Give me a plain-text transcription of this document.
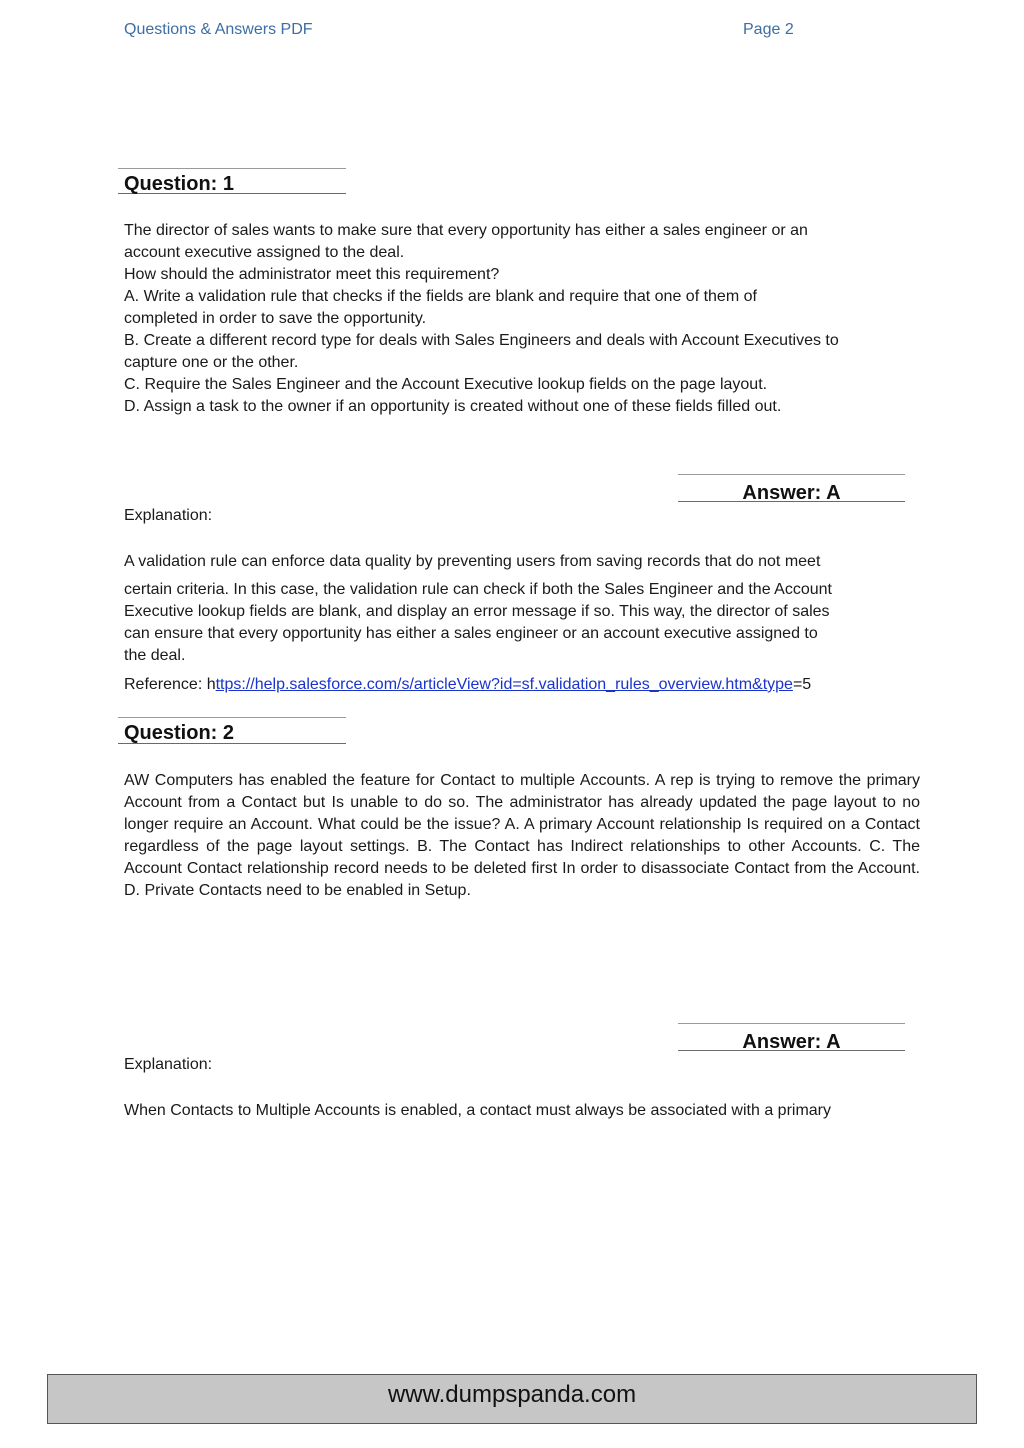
Questions & Answers PDF	Page 2
Question: 1
The director of sales wants to make sure that every opportunity has either a sales engineer or an
account executive assigned to the deal.
How should the administrator meet this requirement?
A. Write a validation rule that checks if the fields are blank and require that one of them of
completed in order to save the opportunity.
B. Create a different record type for deals with Sales Engineers and deals with Account Executives to
capture one or the other.
C. Require the Sales Engineer and the Account Executive lookup fields on the page layout.
D. Assign a task to the owner if an opportunity is created without one of these fields filled out.
Answer: A
Explanation:
A validation rule can enforce data quality by preventing users from saving records that do not meet
certain criteria. In this case, the validation rule can check if both the Sales Engineer and the Account
Executive lookup fields are blank, and display an error message if so. This way, the director of sales
can ensure that every opportunity has either a sales engineer or an account executive assigned to
the deal.
Reference: https://help.salesforce.com/s/articleView?id=sf.validation_rules_overview.htm&type=5
Question: 2
AW Computers has enabled the feature for Contact to multiple Accounts. A rep is trying to remove the primary Account from a Contact but Is unable to do so. The administrator has already updated the page layout to no longer require an Account. What could be the issue? A. A primary Account relationship Is required on a Contact regardless of the page layout settings. B. The Contact has Indirect relationships to other Accounts. C. The Account Contact relationship record needs to be deleted first In order to disassociate Contact from the Account. D. Private Contacts need to be enabled in Setup.
Answer: A
Explanation:
When Contacts to Multiple Accounts is enabled, a contact must always be associated with a primary
www.dumpspanda.com
